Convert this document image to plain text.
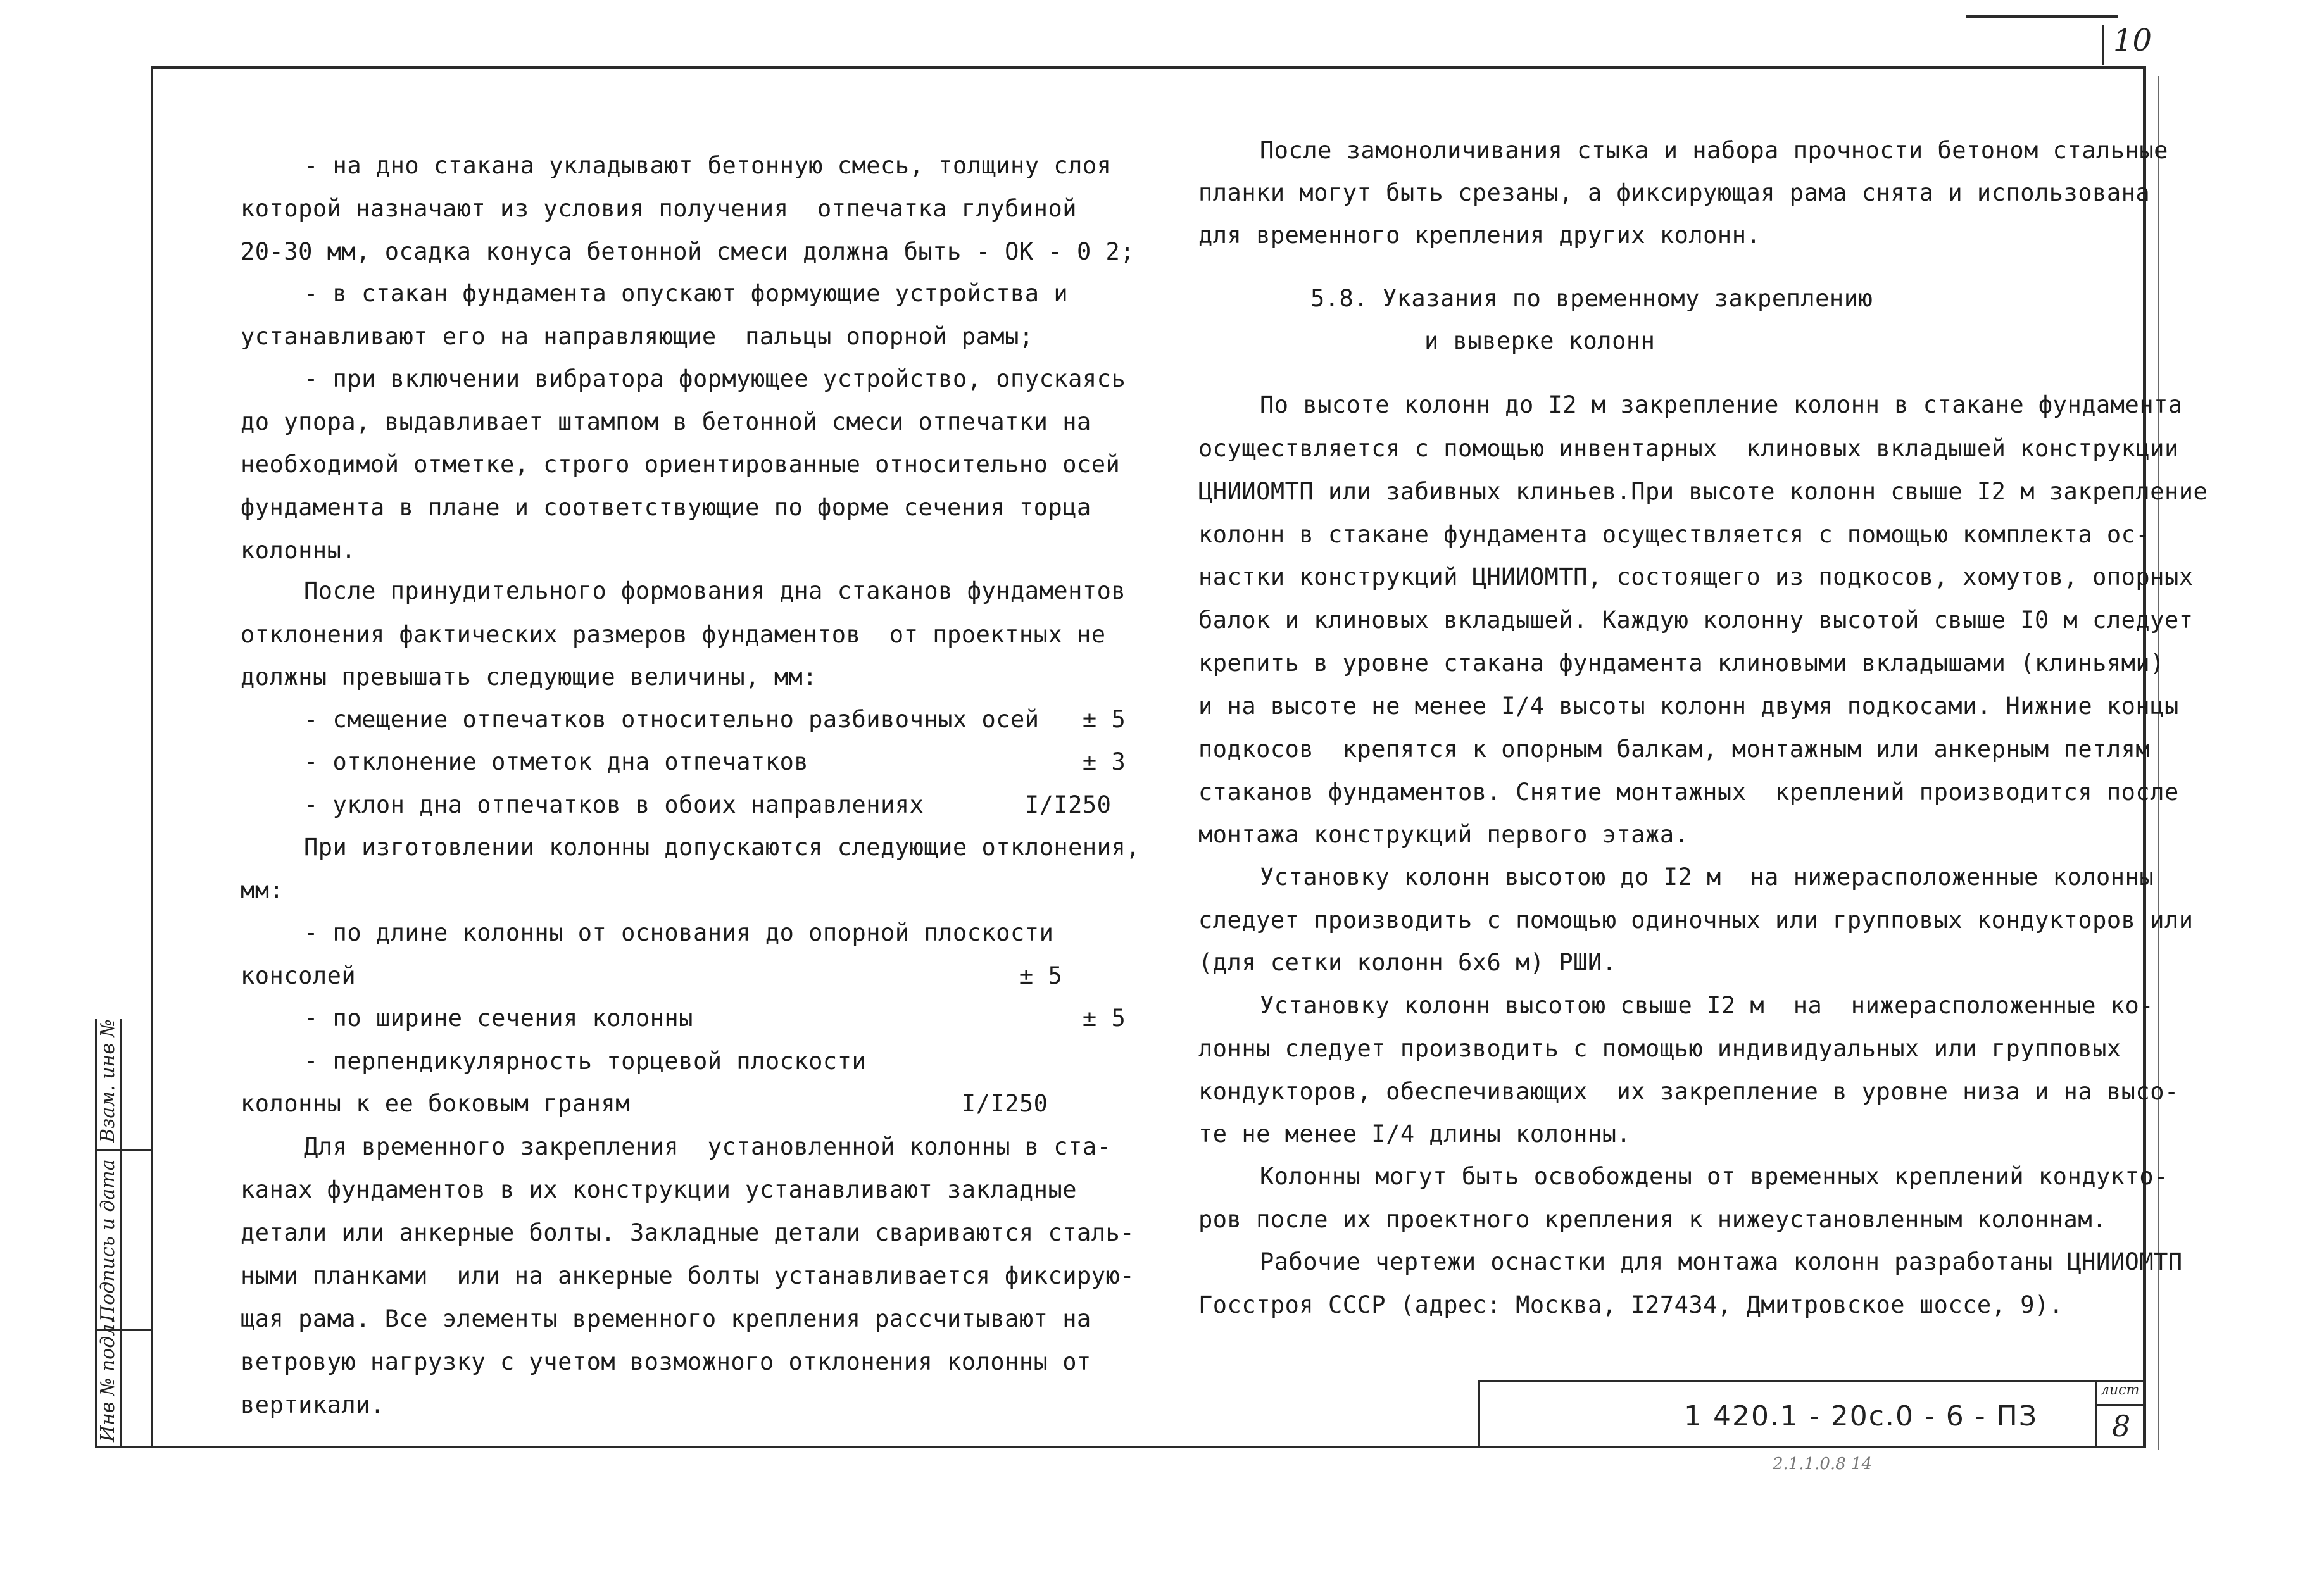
10
Инв № подл.
Подпись и дата
Взам. инв №
- на дно стакана укладывают бетонную смесь, толщину слоя
которой назначают из условия получения  отпечатка глубиной
20-30 мм, осадка конуса бетонной смеси должна быть - ОК - 0 2;
- в стакан фундамента опускают формующие устройства и
устанавливают его на направляющие  пальцы опорной рамы;
- при включении вибратора формующее устройство, опускаясь
до упора, выдавливает штампом в бетонной смеси отпечатки на
необходимой отметке, строго ориентированные относительно осей
фундамента в плане и соответствующие по форме сечения торца
колонны.
После принудительного формования дна стаканов фундаментов
отклонения фактических размеров фундаментов  от проектных не
должны превышать следующие величины, мм:
- смещение отпечатков относительно разбивочных осей   ± 5
- отклонение отметок дна отпечатков                   ± 3
- уклон дна отпечатков в обоих направлениях       I/I250
При изготовлении колонны допускаются следующие отклонения,
мм:
- по длине колонны от основания до опорной плоскости
консолей                                              ± 5
- по ширине сечения колонны                           ± 5
- перпендикулярность торцевой плоскости
колонны к ее боковым граням                       I/I250
Для временного закрепления  установленной колонны в ста-
канах фундаментов в их конструкции устанавливают закладные
детали или анкерные болты. Закладные детали свариваются сталь-
ными планками  или на анкерные болты устанавливается фиксирую-
щая рама. Все элементы временного крепления рассчитывают на
ветровую нагрузку с учетом возможного отклонения колонны от
вертикали.
После замоноличивания стыка и набора прочности бетоном стальные
планки могут быть срезаны, а фиксирующая рама снята и использована
для временного крепления других колонн.
5.8. Указания по временному закреплению
и выверке колонн
По высоте колонн до I2 м закрепление колонн в стакане фундамента
осуществляется с помощью инвентарных  клиновых вкладышей конструкции
ЦНИИОМТП или забивных клиньев.При высоте колонн свыше I2 м закрепление
колонн в стакане фундамента осуществляется с помощью комплекта ос-
настки конструкций ЦНИИОМТП, состоящего из подкосов, хомутов, опорных
балок и клиновых вкладышей. Каждую колонну высотой свыше I0 м следует
крепить в уровне стакана фундамента клиновыми вкладышами (клиньями)
и на высоте не менее I/4 высоты колонн двумя подкосами. Нижние концы
подкосов  крепятся к опорным балкам, монтажным или анкерным петлям
стаканов фундаментов. Снятие монтажных  креплений производится после
монтажа конструкций первого этажа.
Установку колонн высотою до I2 м  на нижерасположенные колонны
следует производить с помощью одиночных или групповых кондукторов или
(для сетки колонн 6х6 м) РШИ.
Установку колонн высотою свыше I2 м  на  нижерасположенные ко-
лонны следует производить с помощью индивидуальных или групповых
кондукторов, обеспечивающих  их закрепление в уровне низа и на высо-
те не менее I/4 длины колонны.
Колонны могут быть освобождены от временных креплений кондукто-
ров после их проектного крепления к нижеустановленным колоннам.
Рабочие чертежи оснастки для монтажа колонн разработаны ЦНИИОМТП
Госстроя СССР (адрес: Москва, I27434, Дмитровское шоссе, 9).
1 420.1 - 20с.0 - 6 - ПЗ
лист
8
2.1.1.0.8 14
